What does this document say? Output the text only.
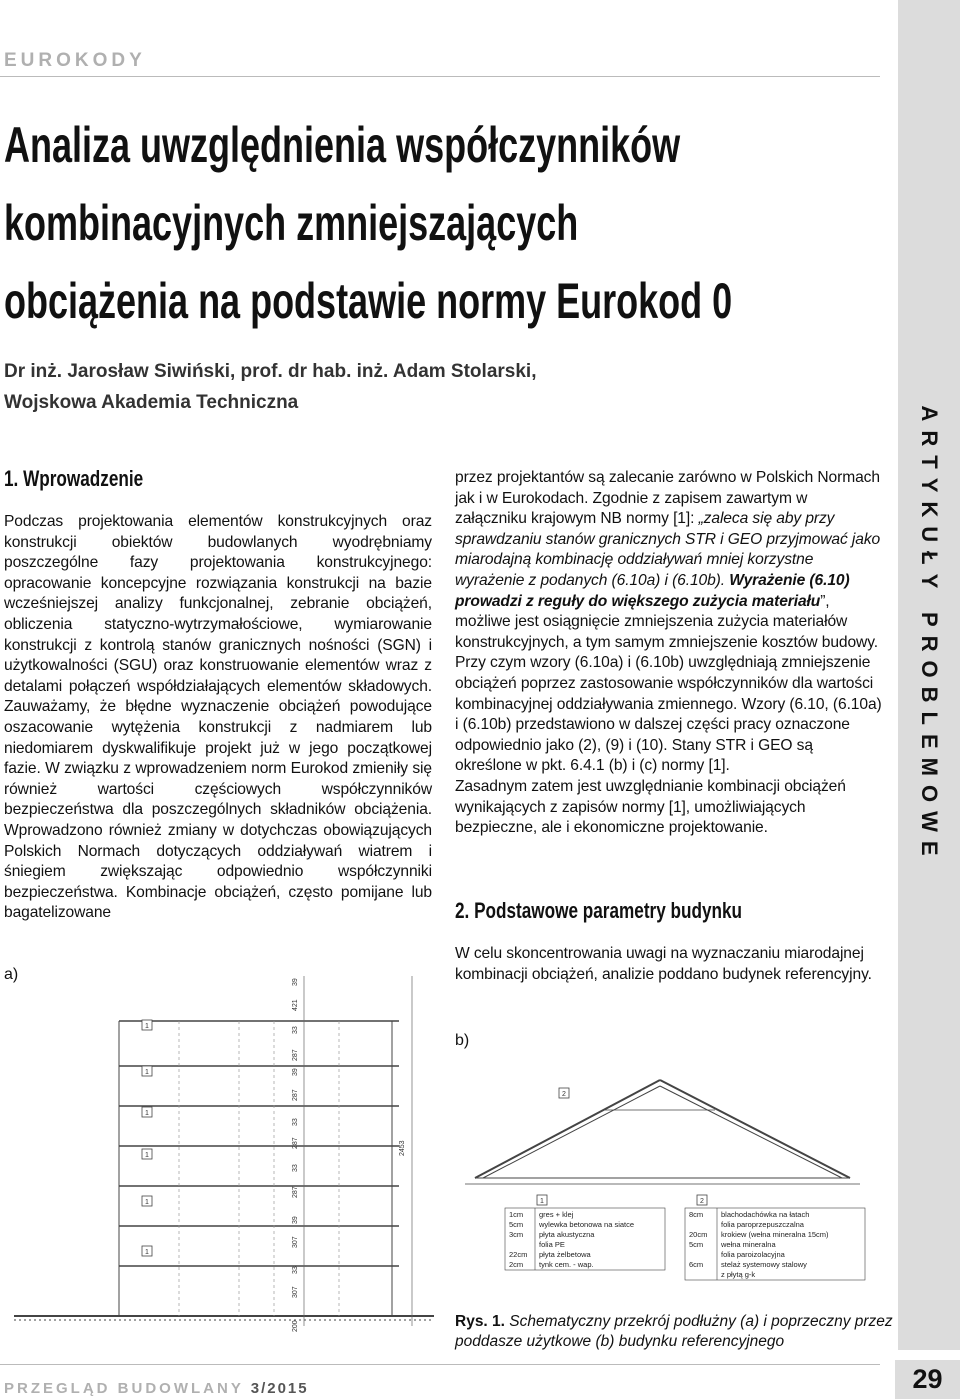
EUROKODY
ARTYKUŁY PROBLEMOWE
Analiza uwzględnienia współczynników
kombinacyjnych zmniejszających
obciążenia na podstawie normy Eurokod 0
Dr inż. Jarosław Siwiński, prof. dr hab. inż. Adam Stolarski,
Wojskowa Akademia Techniczna
1. Wprowadzenie

Podczas projektowania elementów konstrukcyjnych oraz konstrukcji obiektów budowlanych wyodrębniamy poszczególne fazy projektowania konstrukcyjnego: opracowanie koncepcyjne rozwiązania konstrukcji na bazie wcześniejszej analizy funkcjonalnej, zebranie obciążeń, obliczenia statyczno-wytrzymałościowe, wymiarowanie konstrukcji z kontrolą stanów granicznych nośności (SGN) i użytkowalności (SGU) oraz konstruowanie elementów wraz z detalami połączeń współdziałających elementów składowych. Zauważamy, że błędne wyznaczenie obciążeń powodujące oszacowanie wytężenia konstrukcji z nadmiarem lub niedomiarem dyskwalifikuje projekt już w jego początkowej fazie. W związku z wprowadzeniem norm Eurokod zmieniły się również wartości częściowych współczynników bezpieczeństwa dla poszczególnych składników obciążenia. Wprowadzono również zmiany w dotychczas obowiązujących Polskich Normach dotyczących oddziaływań wiatrem i śniegiem zwiększając odpowiednio współczynniki bezpieczeństwa. Kombinacje obciążeń, często pomijane lub bagatelizowane

przez projektantów są zalecanie zarówno w Polskich Normach jak i w Eurokodach. Zgodnie z zapisem zawartym w załączniku krajowym NB normy [1]: „zaleca się aby przy sprawdzaniu stanów granicznych STR i GEO przyjmować jako miarodajną kombinację oddziaływań mniej korzystne wyrażenie z podanych (6.10a) i (6.10b). Wyrażenie (6.10) prowadzi z reguły do większego zużycia materiału”, możliwe jest osiągnięcie zmniejszenia zużycia materiałów konstrukcyjnych, a tym samym zmniejszenie kosztów budowy. Przy czym wzory (6.10a) i (6.10b) uwzględniają zmniejszenie obciążeń poprzez zastosowanie współczynników dla wartości kombinacyjnej oddziaływania zmiennego. Wzory (6.10, (6.10a) i (6.10b) przedstawiono w dalszej części pracy oznaczone odpowiednio jako (2), (9) i (10). Stany STR i GEO są określone w pkt. 6.4.1 (b) i (c) normy [1].

Zasadnym zatem jest uwzględnianie kombinacji obciążeń wynikających z zapisów normy [1], umożliwiających bezpieczne, ale i ekonomiczne projektowanie.

2. Podstawowe parametry budynku
W celu skoncentrowania uwagi na wyznaczaniu miarodajnej kombinacji obciążeń, analizie poddano budynek referencyjny.
a)
1
1
1
1
1
1
39
421
33
287
39
287
33
287
33
287
39
307
33
307
200
2453
b)
2
1	2
1cm gres + klej
5cm wylewka betonowa na siatce
3cm płyta akustyczna
folia PE
22cm płyta żelbetowa
2cm tynk cem. - wap.
8cm blachodachówka na łatach
folia paroprzepuszczalna
20cm krokiew (wełna mineralna 15cm)
5cm wełna mineralna
folia paroizolacyjna
6cm stelaż systemowy stalowy
z płytą g-k
Rys. 1. Schematyczny przekrój podłużny (a) i poprzeczny przez poddasze użytkowe (b) budynku referencyjnego
PRZEGLĄD BUDOWLANY 3/2015	29
